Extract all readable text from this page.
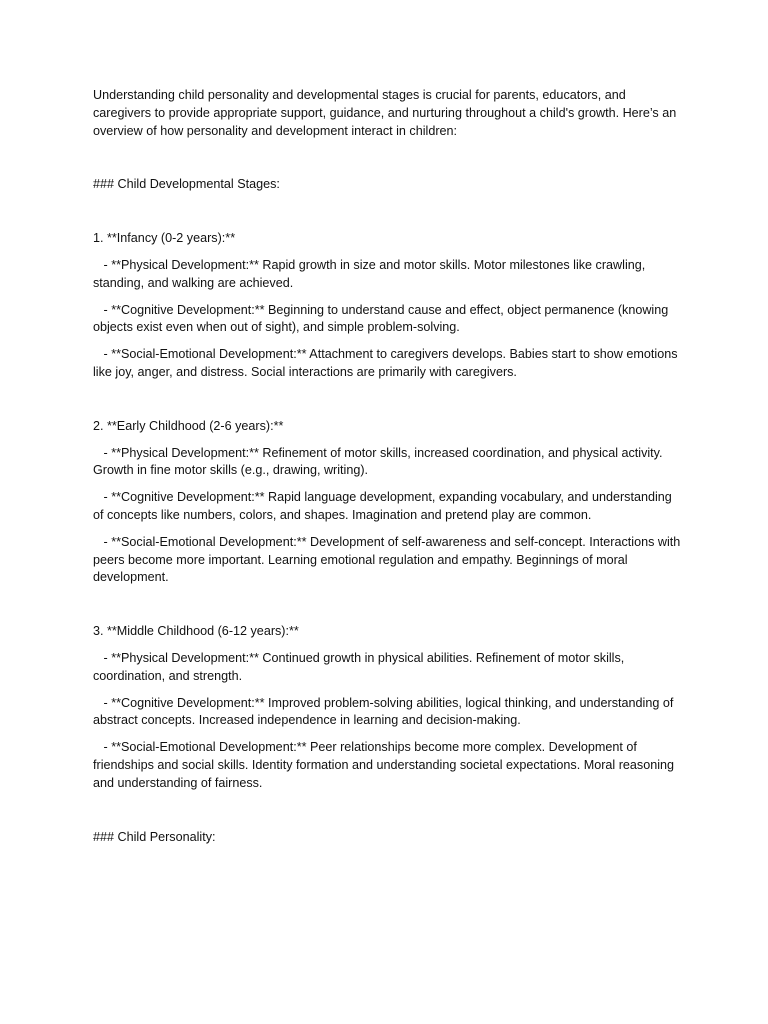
Understanding child personality and developmental stages is crucial for parents, educators, and caregivers to provide appropriate support, guidance, and nurturing throughout a child's growth. Here’s an overview of how personality and development interact in children:

### Child Developmental Stages:

1. **Infancy (0-2 years):**

- **Physical Development:** Rapid growth in size and motor skills. Motor milestones like crawling, standing, and walking are achieved.

- **Cognitive Development:** Beginning to understand cause and effect, object permanence (knowing objects exist even when out of sight), and simple problem-solving.

- **Social-Emotional Development:** Attachment to caregivers develops. Babies start to show emotions like joy, anger, and distress. Social interactions are primarily with caregivers.

2. **Early Childhood (2-6 years):**

- **Physical Development:** Refinement of motor skills, increased coordination, and physical activity. Growth in fine motor skills (e.g., drawing, writing).

- **Cognitive Development:** Rapid language development, expanding vocabulary, and understanding of concepts like numbers, colors, and shapes. Imagination and pretend play are common.

- **Social-Emotional Development:** Development of self-awareness and self-concept. Interactions with peers become more important. Learning emotional regulation and empathy. Beginnings of moral development.

3. **Middle Childhood (6-12 years):**

- **Physical Development:** Continued growth in physical abilities. Refinement of motor skills, coordination, and strength.

- **Cognitive Development:** Improved problem-solving abilities, logical thinking, and understanding of abstract concepts. Increased independence in learning and decision-making.

- **Social-Emotional Development:** Peer relationships become more complex. Development of friendships and social skills. Identity formation and understanding societal expectations. Moral reasoning and understanding of fairness.

### Child Personality:
